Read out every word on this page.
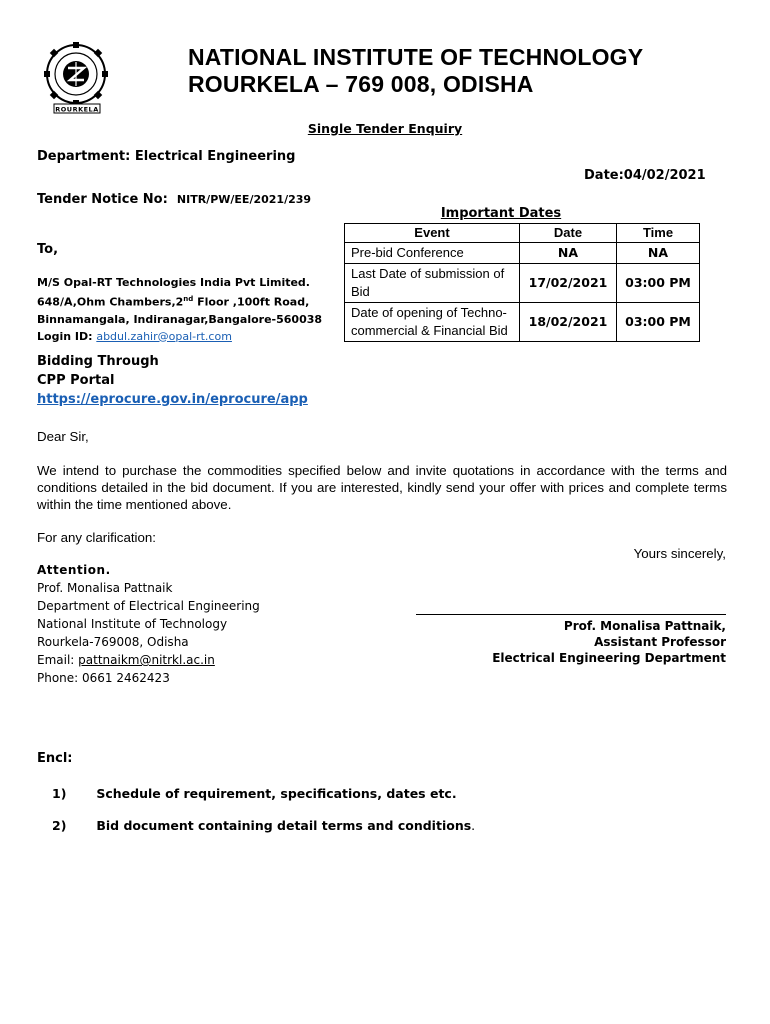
ROURKELA
NATIONAL INSTITUTE OF TECHNOLOGY
ROURKELA – 769 008, ODISHA
Single Tender Enquiry
Department: Electrical Engineering
Date:04/02/2021
Tender Notice No: NITR/PW/EE/2021/239
Important Dates
Event	Date	Time
Pre-bid Conference	NA	NA
Last Date of submission of Bid	17/02/2021	03:00 PM
Date of opening of Techno-commercial & Financial Bid	18/02/2021	03:00 PM
To,
M/S Opal-RT Technologies India Pvt Limited.
648/A,Ohm Chambers,2nd Floor ,100ft Road,
Binnamangala, Indiranagar,Bangalore-560038
Login ID: abdul.zahir@opal-rt.com
Bidding Through
CPP Portal
https://eprocure.gov.in/eprocure/app
Dear Sir,
We intend to purchase the commodities specified below and invite quotations in accordance with the terms and conditions detailed in the bid document. If you are interested, kindly send your offer with prices and complete terms within the time mentioned above.
For any clarification:
Yours sincerely,
Attention.
Prof. Monalisa Pattnaik
Department of Electrical Engineering
National Institute of Technology
Rourkela-769008, Odisha
Email: pattnaikm@nitrkl.ac.in
Phone: 0661 2462423
Prof. Monalisa Pattnaik,
Assistant Professor
Electrical Engineering Department
Encl:
1) Schedule of requirement, specifications, dates etc.
2) Bid document containing detail terms and conditions.
